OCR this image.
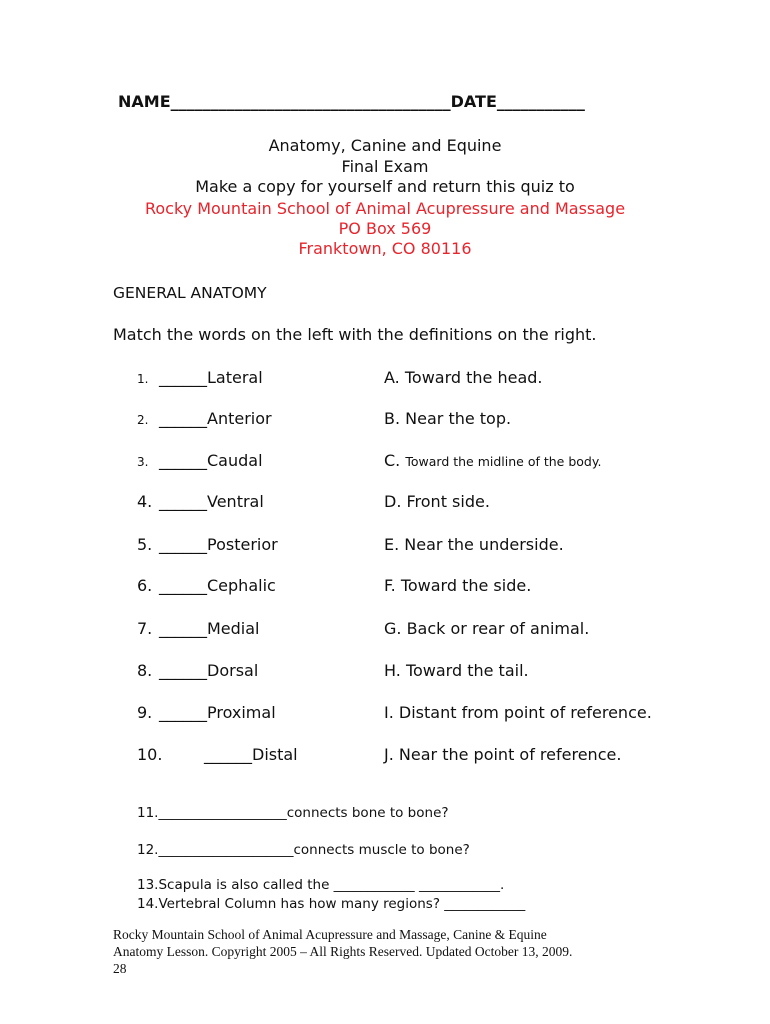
NAME___________________________________DATE___________
Anatomy, Canine and Equine
Final Exam
Make a copy for yourself and return this quiz to
Rocky Mountain School of Animal Acupressure and Massage
PO Box 569
Franktown, CO 80116
GENERAL ANATOMY
Match the words on the left with the definitions on the right.
1. ______Lateral	A. Toward the head.
2. ______Anterior	B. Near the top.
3. ______Caudal	C. Toward the midline of the body.
4. ______Ventral	D. Front side.
5. ______Posterior	E. Near the underside.
6. ______Cephalic	F. Toward the side.
7. ______Medial	G. Back or rear of animal.
8. ______Dorsal	H. Toward the tail.
9. ______Proximal	I. Distant from point of reference.
10.	______Distal	J. Near the point of reference.
11.___________________connects bone to bone?
12.____________________connects muscle to bone?
13.Scapula is also called the ____________ ____________.
14.Vertebral Column has how many regions? ____________
Rocky Mountain School of Animal Acupressure and Massage, Canine & Equine
Anatomy Lesson. Copyright 2005 – All Rights Reserved. Updated October 13, 2009.
28
